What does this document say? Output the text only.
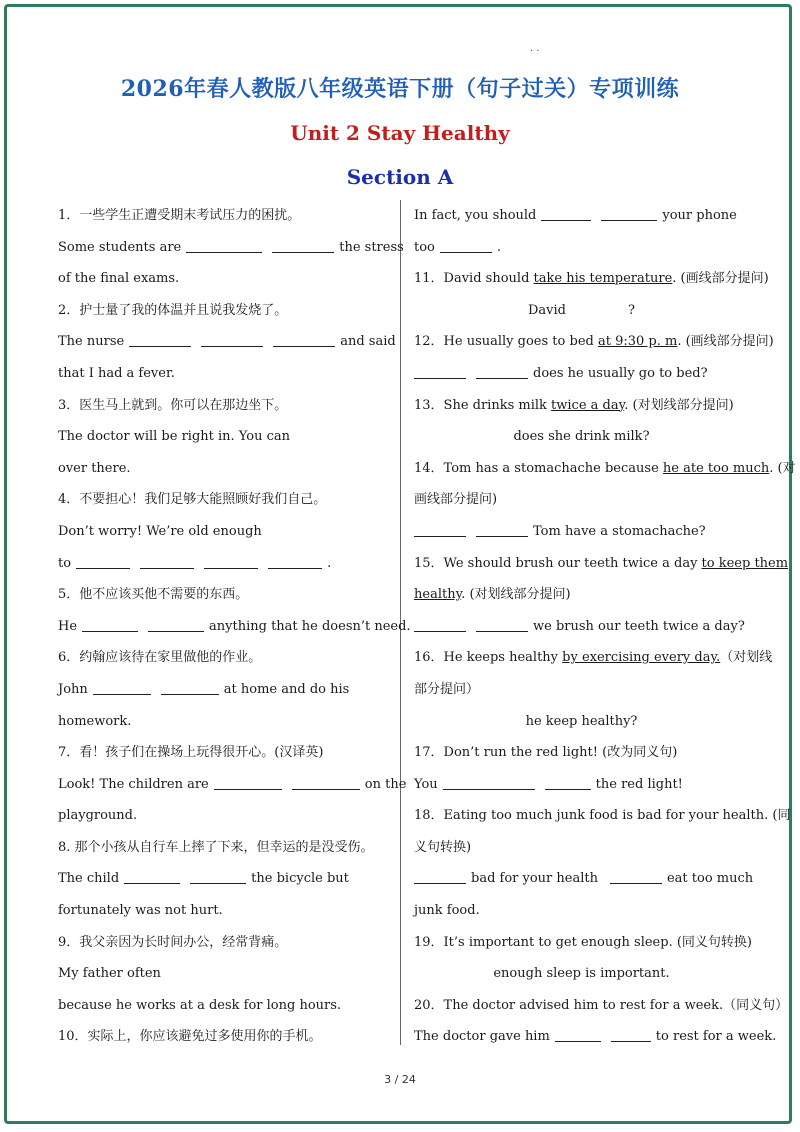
· ·
2026年春人教版八年级英语下册（句子过关）专项训练
Unit 2 Stay Healthy
Section A
1．一些学生正遭受期末考试压力的困扰。
Some students are	the stress
of the final exams.
2．护士量了我的体温并且说我发烧了。
The nurse	and said
that I had a fever.
3．医生马上就到。你可以在那边坐下。
The doctor will be right in. You can
over there.
4．不要担心！我们足够大能照顾好我们自己。
Don’t worry! We’re old enough
to	.
5．他不应该买他不需要的东西。
He	anything that he doesn’t need.
6．约翰应该待在家里做他的作业。
John	at home and do his
homework.
7．看！孩子们在操场上玩得很开心。(汉译英)
Look! The children are	on the
playground.
8. 那个小孩从自行车上摔了下来，但幸运的是没受伤。
The child	the bicycle but
fortunately was not hurt.
9．我父亲因为长时间办公，经常背痛。
My father often
because he works at a desk for long hours.
10．实际上，你应该避免过多使用你的手机。
In fact, you should	your phone
too	.
11．David should take his temperature. (画线部分提问)
David	?
12．He usually goes to bed at 9:30 p. m. (画线部分提问)
does he usually go to bed?
13．She drinks milk twice a day. (对划线部分提问)
does she drink milk?
14．Tom has a stomachache because he ate too much. (对
画线部分提问)
Tom have a stomachache?
15．We should brush our teeth twice a day to keep them
healthy. (对划线部分提问)
we brush our teeth twice a day?
16．He keeps healthy by exercising every day.（对划线
部分提问）
he keep healthy?
17．Don’t run the red light! (改为同义句)
You	the red light!
18．Eating too much junk food is bad for your health. (同
义句转换)
bad for your health	eat too much
junk food.
19．It’s important to get enough sleep. (同义句转换)
enough sleep is important.
20．The doctor advised him to rest for a week.（同义句）
The doctor gave him	to rest for a week.
3 / 24
